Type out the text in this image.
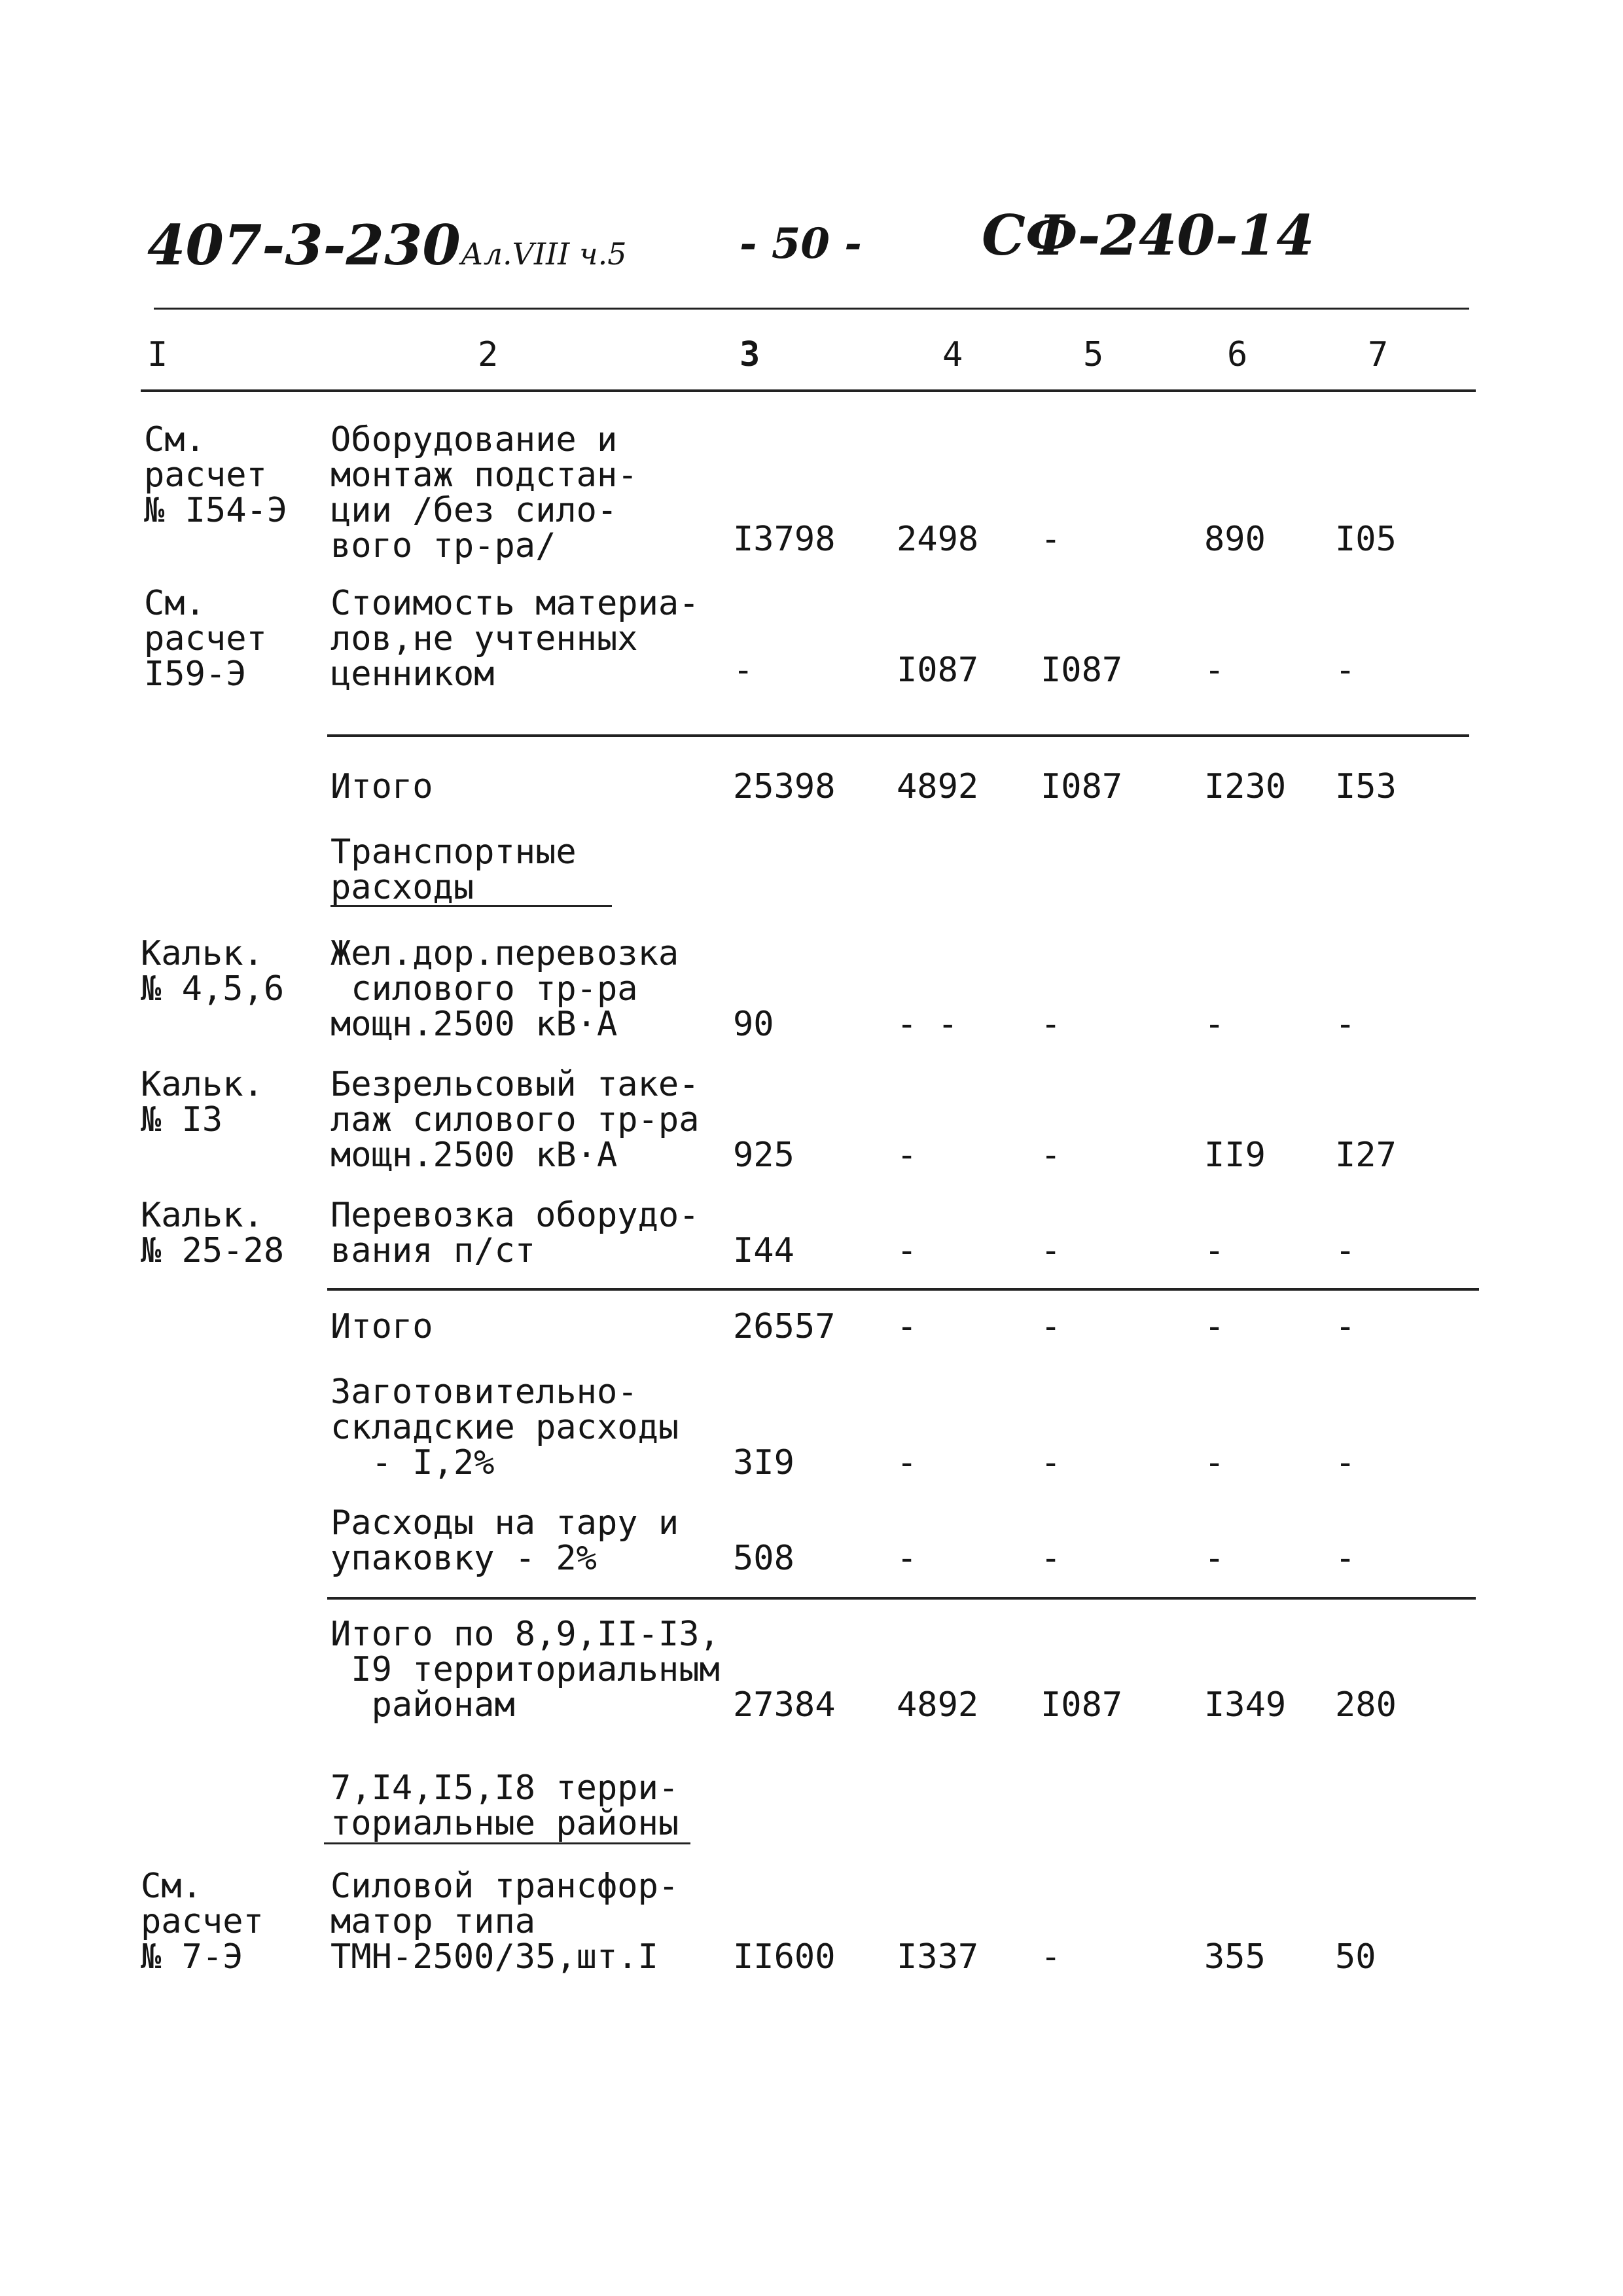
407-3-230Ал.VIII ч.5	- 50 - СФ-240-14
I	2	3	4	5	6	7
См.
расчет
№ I54-Э
Оборудование и
монтаж подстан-
ции /без сило-
вого тр-ра/	I3798 2498 -	890 I05
См.
расчет
I59-Э
Стоимость материа-
лов,не учтенных
ценником	-	I087 I087 -	-
Итого	25398 4892 I087 I230 I53
Транспортные
расходы
Кальк.
№ 4,5,6
Жел.дор.перевозка
силового тр-ра
мощн.2500 кВ·А	90	- - -	-	-
Кальк.
№ I3
Безрельсовый таке-
лаж силового тр-ра
мощн.2500 кВ·А	925	-	-	II9 I27
Кальк.
№ 25-28
Перевозка оборудо-
вания п/ст	I44	-	-	-	-
Итого	26557 -	-	-	-
Заготовительно-
складские расходы
- I,2%	3I9	-	-	-	-
Расходы на тару и
упаковку - 2%	508	-	-	-	-
Итого по 8,9,II-I3,
I9 территориальным
районам	27384 4892 I087 I349 280
7,I4,I5,I8 терри-
ториальные районы
См.
расчет
№ 7-Э
Силовой трансфор-
матор типа
ТМН-2500/35,шт.I	II600 I337 -	355 50
